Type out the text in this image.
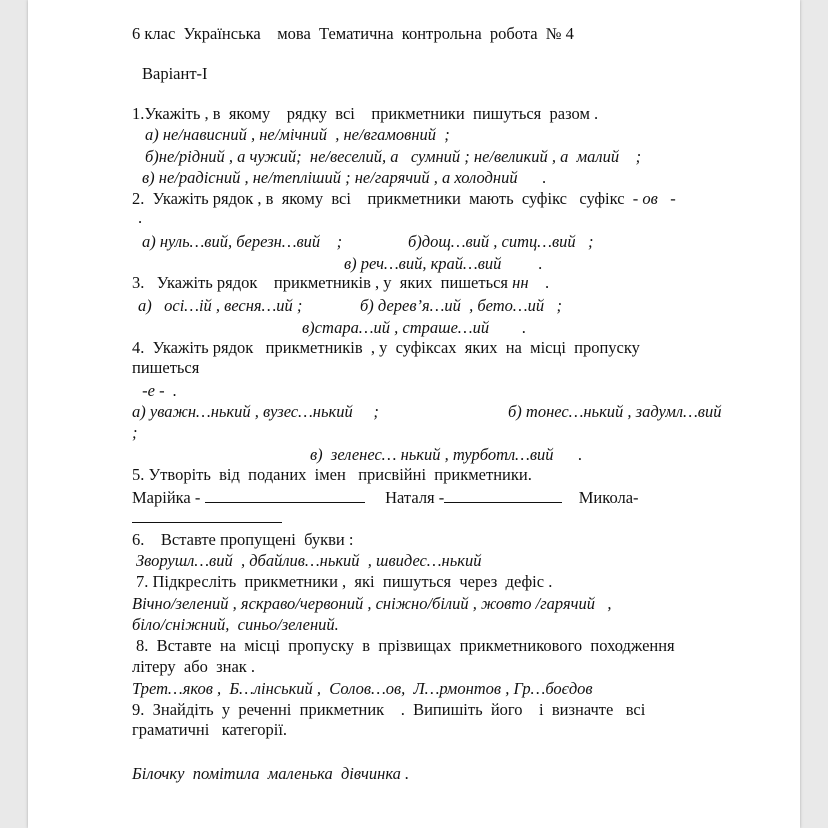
6 клас  Українська    мова  Тематична  контрольна  робота  № 4
Варіант-І
1.Укажіть , в  якому    рядку  всі    прикметники  пишуться  разом .
а) не/нависний , не/мічний  , не/вгамовний  ;
б)не/рідний , а чужий;  не/веселий, а   сумний ; не/великий , а  малий    ;
в) не/радісний , не/тепліший ; не/гарячий , а холодний      .
2.  Укажіть рядок , в  якому  всі    прикметники  мають  суфікс   суфікс  - ов -
.
а) нуль…вий, березн…вий    ;	б)дощ…вий , ситц…вий   ;
в) реч…вий, край…вий         .
3.   Укажіть рядок    прикметників , у  яких  пишеться нн .
а)   осі…ій , весня…ий ;	б) дерев’я…ий  , бето…ий   ;
в)стара…ий , страше…ий        .
4.  Укажіть рядок   прикметників  , у  суфіксах  яких  на  місці  пропуску
пишеться
-е -  .
а) уважн…нький , вузес…нький     ;	б) тонес…нький , задумл…вий
;
в)  зеленес… нький , турботл…вий      .
5. Утворіть  від  поданих  імен   присвійні  прикметники.
Марійка -	Наталя -	Микола-
6.    Вставте пропущені  букви :
Зворушл…вий  , дбайлив…нький  , швидес…нький
7. Підкресліть  прикметники ,  які  пишуться  через  дефіс .
Вічно/зелений , яскраво/червоний , сніжно/білий , жовто /гарячий   ,
біло/сніжний,  синьо/зелений.
8.  Вставте  на  місці  пропуску  в  прізвищах  прикметникового  походження
літеру  або  знак .
Трет…яков ,  Б…лінський ,  Солов…ов,  Л…рмонтов , Гр…боєдов
9.  Знайдіть  у  реченні  прикметник    .  Випишіть  його    і  визначте   всі
граматичні   категорії.
Білочку  помітила  маленька  дівчинка .
